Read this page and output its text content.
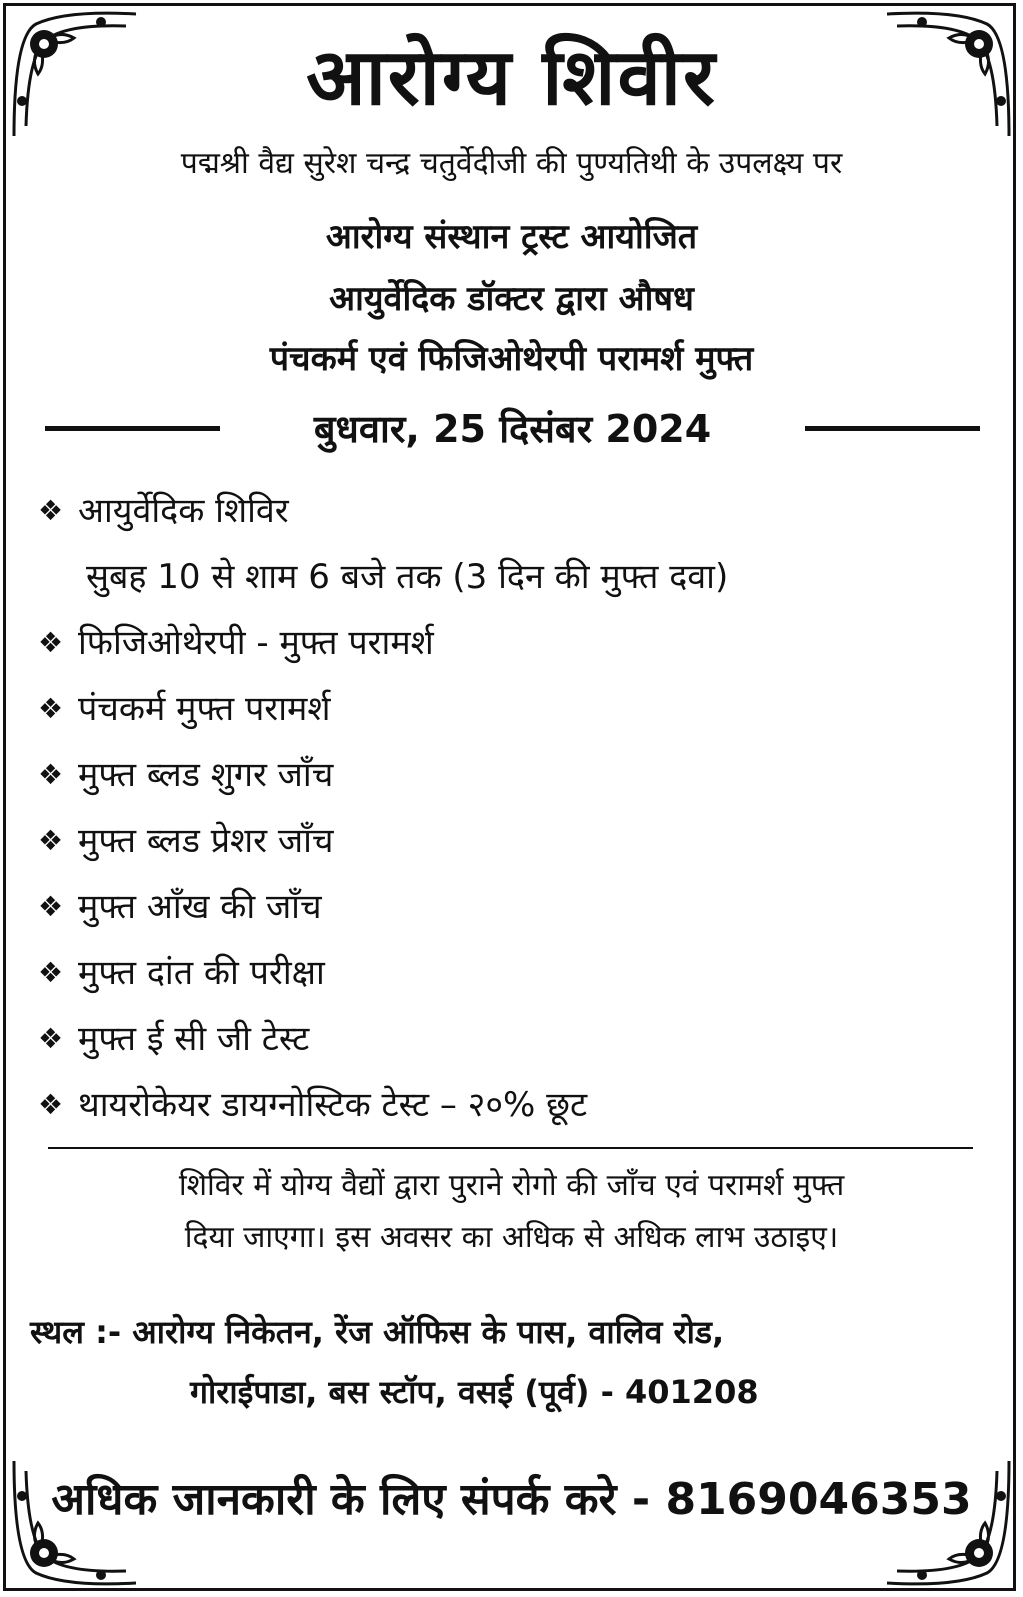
आरोग्य शिवीर
पद्मश्री वैद्य सुरेश चन्द्र चतुर्वेदीजी की पुण्यतिथी के उपलक्ष्य पर
आरोग्य संस्थान ट्रस्ट आयोजित
आयुर्वेदिक डॉक्टर द्वारा औषध
पंचकर्म एवं फिजिओथेरपी परामर्श मुफ्त
बुधवार, 25 दिसंबर 2024
❖ आयुर्वेदिक शिविर
सुबह 10 से शाम 6 बजे तक (3 दिन की मुफ्त दवा)
❖ फिजिओथेरपी - मुफ्त परामर्श
❖ पंचकर्म मुफ्त परामर्श
❖ मुफ्त ब्लड शुगर जाँच
❖ मुफ्त ब्लड प्रेशर जाँच
❖ मुफ्त आँख की जाँच
❖ मुफ्त दांत की परीक्षा
❖ मुफ्त ई सी जी टेस्ट
❖ थायरोकेयर डायग्नोस्टिक टेस्ट – २०% छूट
शिविर में योग्य वैद्यों द्वारा पुराने रोगो की जाँच एवं परामर्श मुफ्त
दिया जाएगा। इस अवसर का अधिक से अधिक लाभ उठाइए।
स्थल :- आरोग्य निकेतन, रेंज ऑफिस के पास, वालिव रोड,
गोराईपाडा, बस स्टॉप, वसई (पूर्व) - 401208
अधिक जानकारी के लिए संपर्क करे - 8169046353
